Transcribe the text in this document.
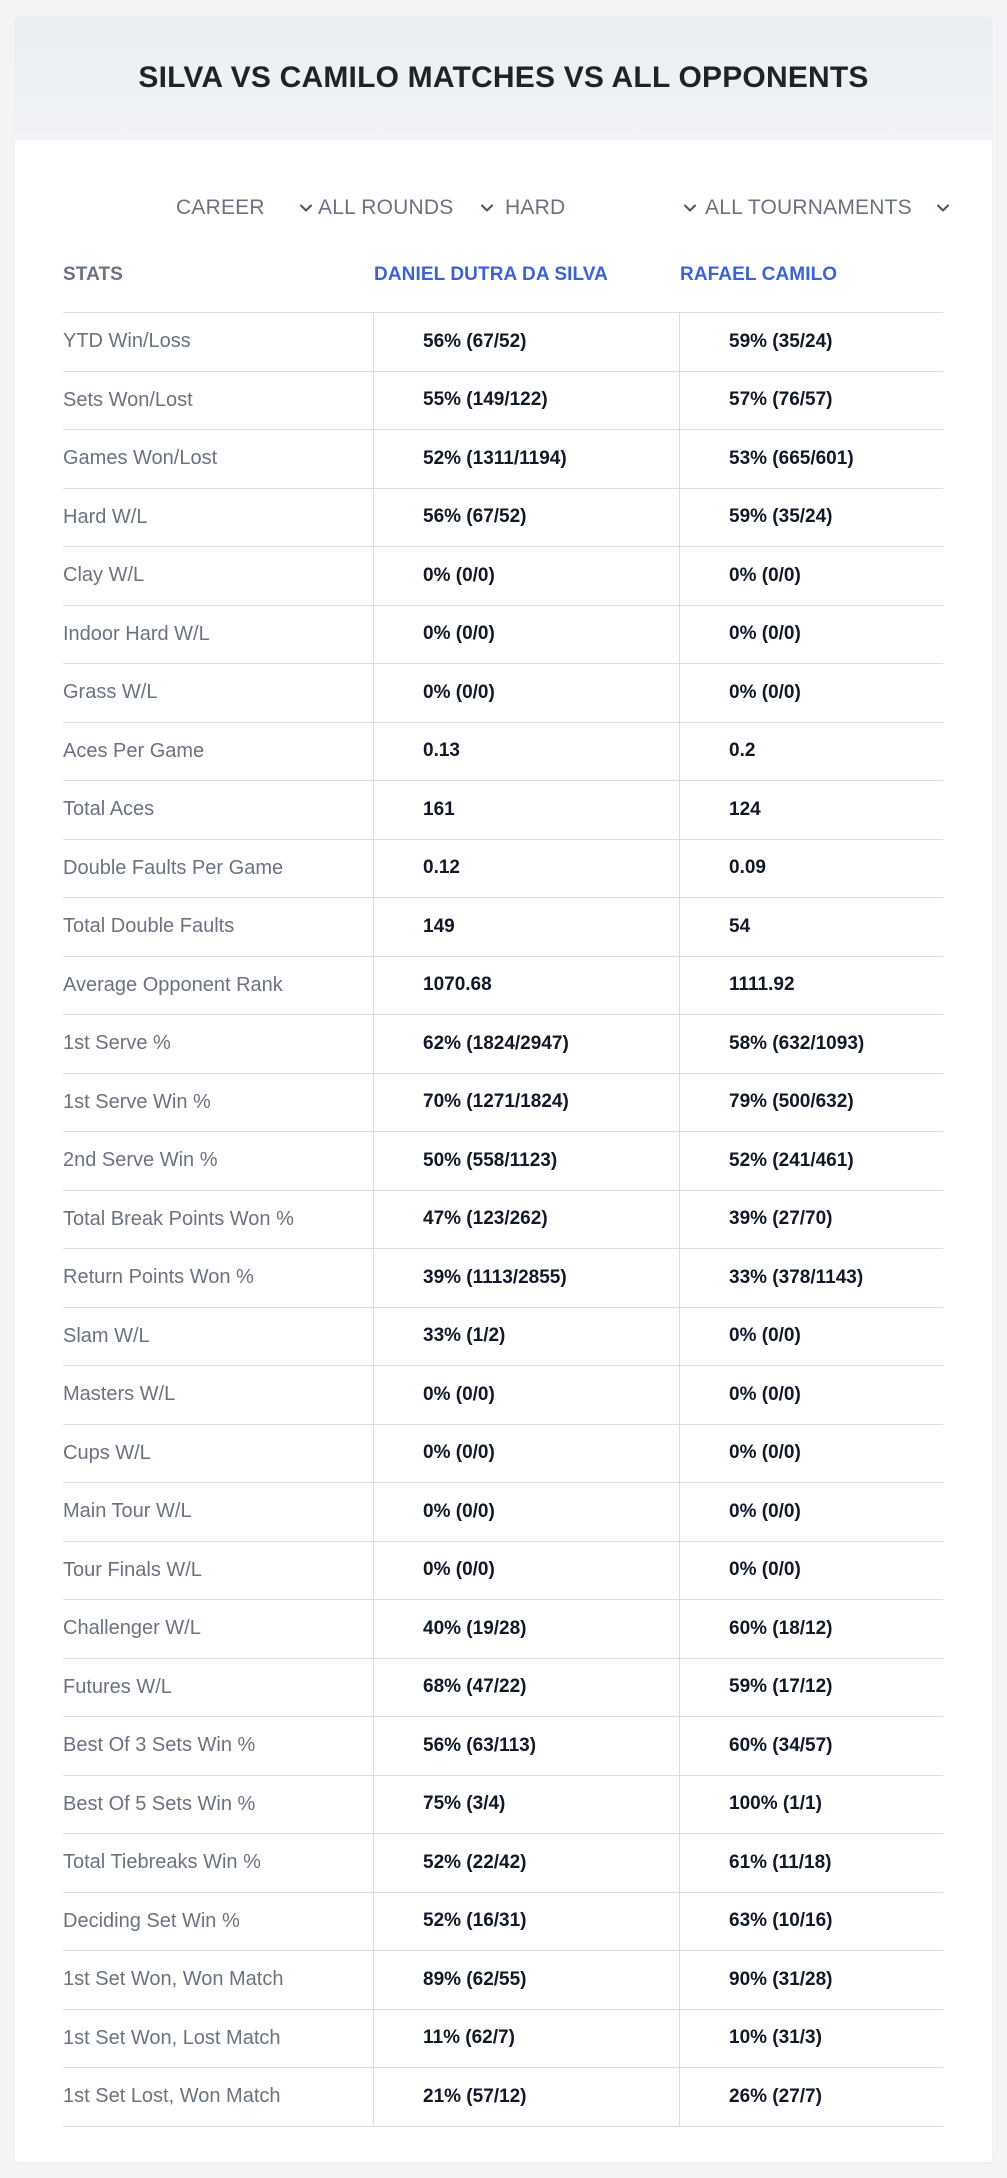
SILVA VS CAMILO MATCHES VS ALL OPPONENTS
CAREER	ALL ROUNDS HARD	ALL TOURNAMENTS
STATS	DANIEL DUTRA DA SILVA	RAFAEL CAMILO
YTD Win/Loss	56% (67/52)	59% (35/24)
Sets Won/Lost	55% (149/122)	57% (76/57)
Games Won/Lost	52% (1311/1194)	53% (665/601)
Hard W/L	56% (67/52)	59% (35/24)
Clay W/L	0% (0/0)	0% (0/0)
Indoor Hard W/L	0% (0/0)	0% (0/0)
Grass W/L	0% (0/0)	0% (0/0)
Aces Per Game	0.13	0.2
Total Aces	161	124
Double Faults Per Game	0.12	0.09
Total Double Faults	149	54
Average Opponent Rank	1070.68	1111.92
1st Serve %	62% (1824/2947)	58% (632/1093)
1st Serve Win %	70% (1271/1824)	79% (500/632)
2nd Serve Win %	50% (558/1123)	52% (241/461)
Total Break Points Won %	47% (123/262)	39% (27/70)
Return Points Won %	39% (1113/2855)	33% (378/1143)
Slam W/L	33% (1/2)	0% (0/0)
Masters W/L	0% (0/0)	0% (0/0)
Cups W/L	0% (0/0)	0% (0/0)
Main Tour W/L	0% (0/0)	0% (0/0)
Tour Finals W/L	0% (0/0)	0% (0/0)
Challenger W/L	40% (19/28)	60% (18/12)
Futures W/L	68% (47/22)	59% (17/12)
Best Of 3 Sets Win %	56% (63/113)	60% (34/57)
Best Of 5 Sets Win %	75% (3/4)	100% (1/1)
Total Tiebreaks Win %	52% (22/42)	61% (11/18)
Deciding Set Win %	52% (16/31)	63% (10/16)
1st Set Won, Won Match	89% (62/55)	90% (31/28)
1st Set Won, Lost Match	11% (62/7)	10% (31/3)
1st Set Lost, Won Match	21% (57/12)	26% (27/7)
